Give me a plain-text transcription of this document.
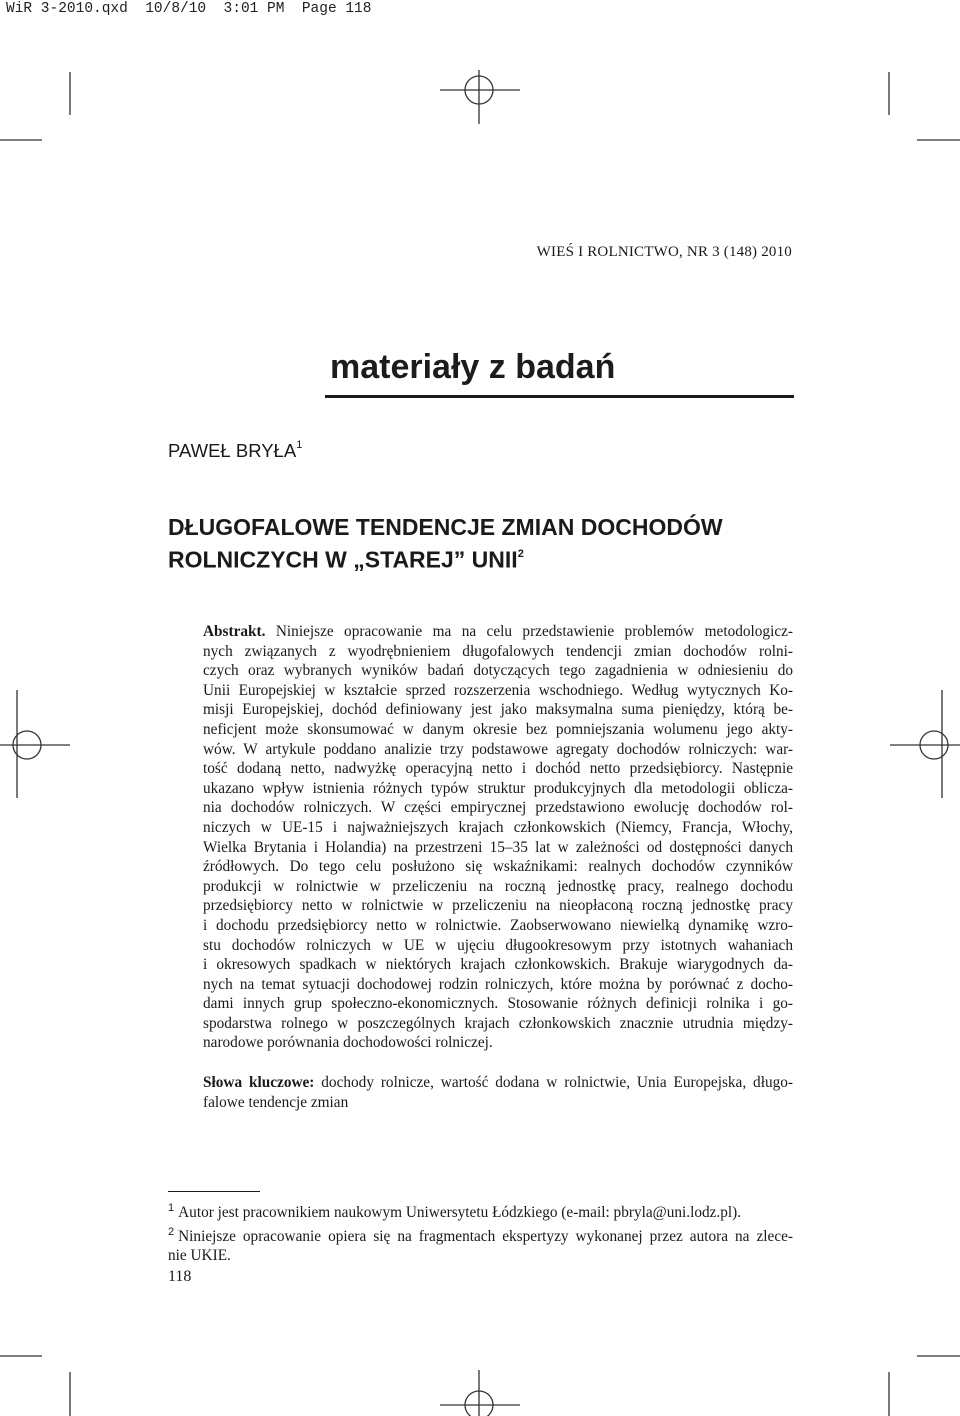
WiR 3-2010.qxd  10/8/10  3:01 PM  Page 118
WIEŚ I ROLNICTWO, NR 3 (148) 2010
materiały z badań
PAWEŁ BRYŁA$^1$
DŁUGOFALOWE TENDENCJE ZMIAN DOCHODÓW
ROLNICZYCH W „STAREJ” UNII$^2$
Abstrakt. Niniejsze opracowanie ma na celu przedstawienie problemów metodologicz-
nych związanych z wyodrębnieniem długofalowych tendencji zmian dochodów rolni-
czych oraz wybranych wyników badań dotyczących tego zagadnienia w odniesieniu do
Unii Europejskiej w kształcie sprzed rozszerzenia wschodniego. Według wytycznych Ko-
misji Europejskiej, dochód definiowany jest jako maksymalna suma pieniędzy, którą be-
neficjent może skonsumować w danym okresie bez pomniejszania wolumenu jego akty-
wów. W artykule poddano analizie trzy podstawowe agregaty dochodów rolniczych: war-
tość dodaną netto, nadwyżkę operacyjną netto i dochód netto przedsiębiorcy. Następnie
ukazano wpływ istnienia różnych typów struktur produkcyjnych dla metodologii oblicza-
nia dochodów rolniczych. W części empirycznej przedstawiono ewolucję dochodów rol-
niczych w UE-15 i najważniejszych krajach członkowskich (Niemcy, Francja, Włochy,
Wielka Brytania i Holandia) na przestrzeni 15–35 lat w zależności od dostępności danych
źródłowych. Do tego celu posłużono się wskaźnikami: realnych dochodów czynników
produkcji w rolnictwie w przeliczeniu na roczną jednostkę pracy, realnego dochodu
przedsiębiorcy netto w rolnictwie w przeliczeniu na nieopłaconą roczną jednostkę pracy
i dochodu przedsiębiorcy netto w rolnictwie. Zaobserwowano niewielką dynamikę wzro-
stu dochodów rolniczych w UE w ujęciu długookresowym przy istotnych wahaniach
i okresowych spadkach w niektórych krajach członkowskich. Brakuje wiarygodnych da-
nych na temat sytuacji dochodowej rodzin rolniczych, które można by porównać z docho-
dami innych grup społeczno-ekonomicznych. Stosowanie różnych definicji rolnika i go-
spodarstwa rolnego w poszczególnych krajach członkowskich znacznie utrudnia między-
narodowe porównania dochodowości rolniczej.
Słowa kluczowe: dochody rolnicze, wartość dodana w rolnictwie, Unia Europejska, długo-
falowe tendencje zmian
$^1$ Autor jest pracownikiem naukowym Uniwersytetu Łódzkiego (e-mail: pbryla@uni.lodz.pl).
$^2$ Niniejsze opracowanie opiera się na fragmentach ekspertyzy wykonanej przez autora na zlece-
nie UKIE.
118
